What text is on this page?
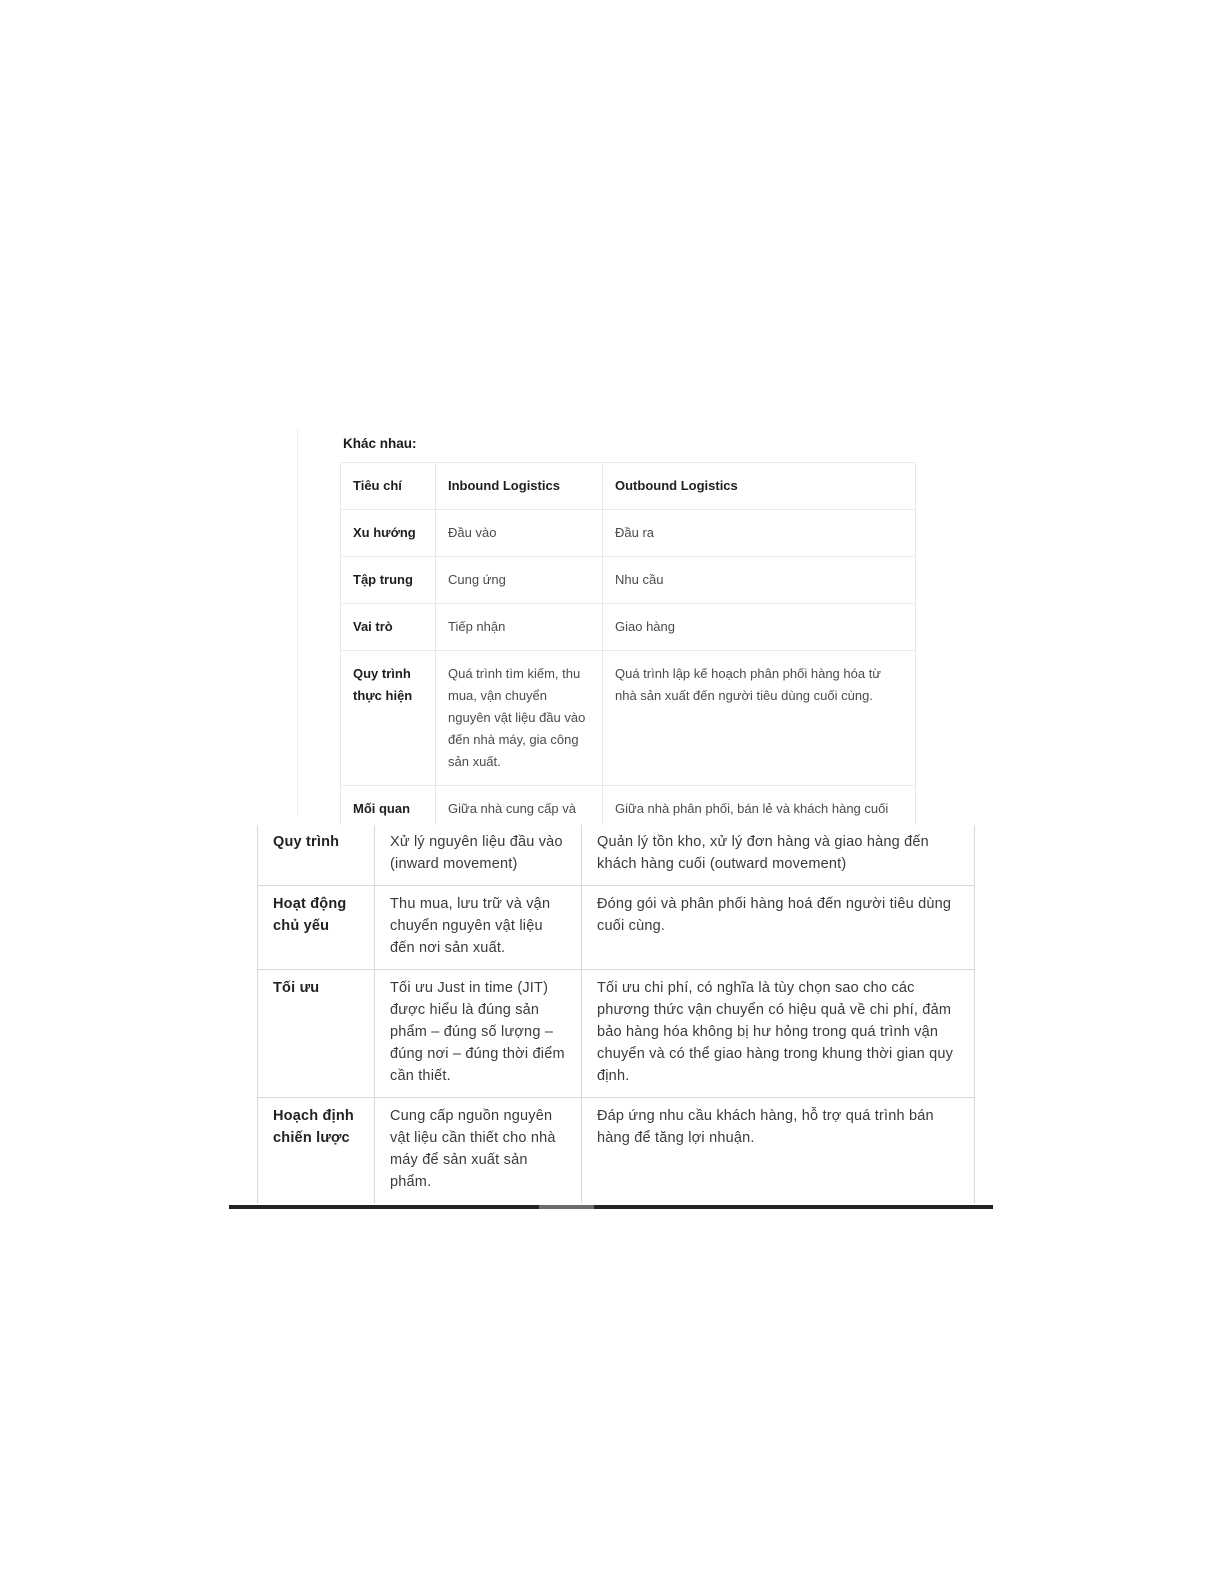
Khác nhau:
Tiêu chí	Inbound Logistics	Outbound Logistics
Xu hướng	Đầu vào	Đầu ra
Tập trung	Cung ứng	Nhu cầu
Vai trò	Tiếp nhận	Giao hàng
Quy trình thực hiện	Quá trình tìm kiếm, thu mua, vận chuyển nguyên vật liệu đầu vào đến nhà máy, gia công sản xuất.	Quá trình lập kế hoạch phân phối hàng hóa từ nhà sản xuất đến người tiêu dùng cuối cùng.
Mối quan	Giữa nhà cung cấp và	Giữa nhà phân phối, bán lẻ và khách hàng cuối
Quy trình	Xử lý nguyên liệu đầu vào (inward movement)	Quản lý tồn kho, xử lý đơn hàng và giao hàng đến khách hàng cuối (outward movement)
Hoạt động chủ yếu	Thu mua, lưu trữ và vận chuyển nguyên vật liệu đến nơi sản xuất.	Đóng gói và phân phối hàng hoá đến người tiêu dùng cuối cùng.
Tối ưu	Tối ưu Just in time (JIT) được hiểu là đúng sản phẩm – đúng số lượng – đúng nơi – đúng thời điểm cần thiết.	Tối ưu chi phí, có nghĩa là tùy chọn sao cho các phương thức vận chuyển có hiệu quả về chi phí, đảm bảo hàng hóa không bị hư hỏng trong quá trình vận chuyển và có thể giao hàng trong khung thời gian quy định.
Hoạch định chiến lược	Cung cấp nguồn nguyên vật liệu cần thiết cho nhà máy để sản xuất sản phẩm.	Đáp ứng nhu cầu khách hàng, hỗ trợ quá trình bán hàng để tăng lợi nhuận.
